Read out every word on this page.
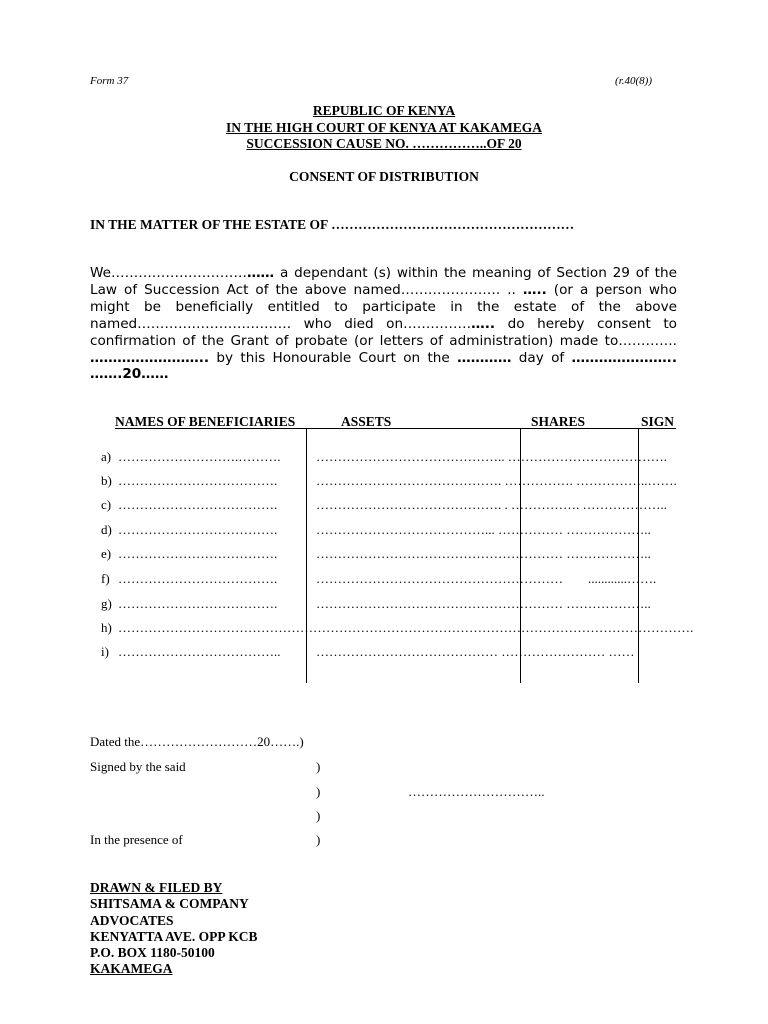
Form 37	(r.40(8))
REPUBLIC OF KENYA
IN THE HIGH COURT OF KENYA AT KAKAMEGA
SUCCESSION CAUSE NO. ……………..OF 20
CONSENT OF DISTRIBUTION
IN THE MATTER OF THE ESTATE OF ………………………………………………
We……………………………… a dependant (s) within the meaning of Section 29 of the Law of Succession Act of the above named…………………. .. ….. (or a person who might be beneficially entitled to participate in the estate of the above named……………………………. who died on……………….. do hereby consent to confirmation of the Grant of probate (or letters of administration) made to…………. …………………….. by this Honourable Court on the ………… day of ………………….. …….20……
NAMES OF BENEFICIARIES	ASSETS	SHARES	SIGN
a) ……………………….……….	…………………………………….. ……………………………….
b) ……………………………….	……………………………………. ……………. ……………..…….
c) ……………………………….	……………………………………. . ……………. ………………..
d) ……………………………….	…………………………………... …………… ………………..
e) ……………………………….	………………………………………………… ………………..
f) ……………………………….	………………………………………………… ............…….
g) ……………………………….	………………………………………………… ………………..
h) …………………………………………………………………………………………………………………….
i) ………………………………..	…………………………………… …………………… ……
Dated the………………………20…….)
Signed by the said	)
)	…………………………..
)
In the presence of	)
DRAWN & FILED BY
SHITSAMA & COMPANY
ADVOCATES
KENYATTA AVE. OPP KCB
P.O. BOX 1180-50100
KAKAMEGA
